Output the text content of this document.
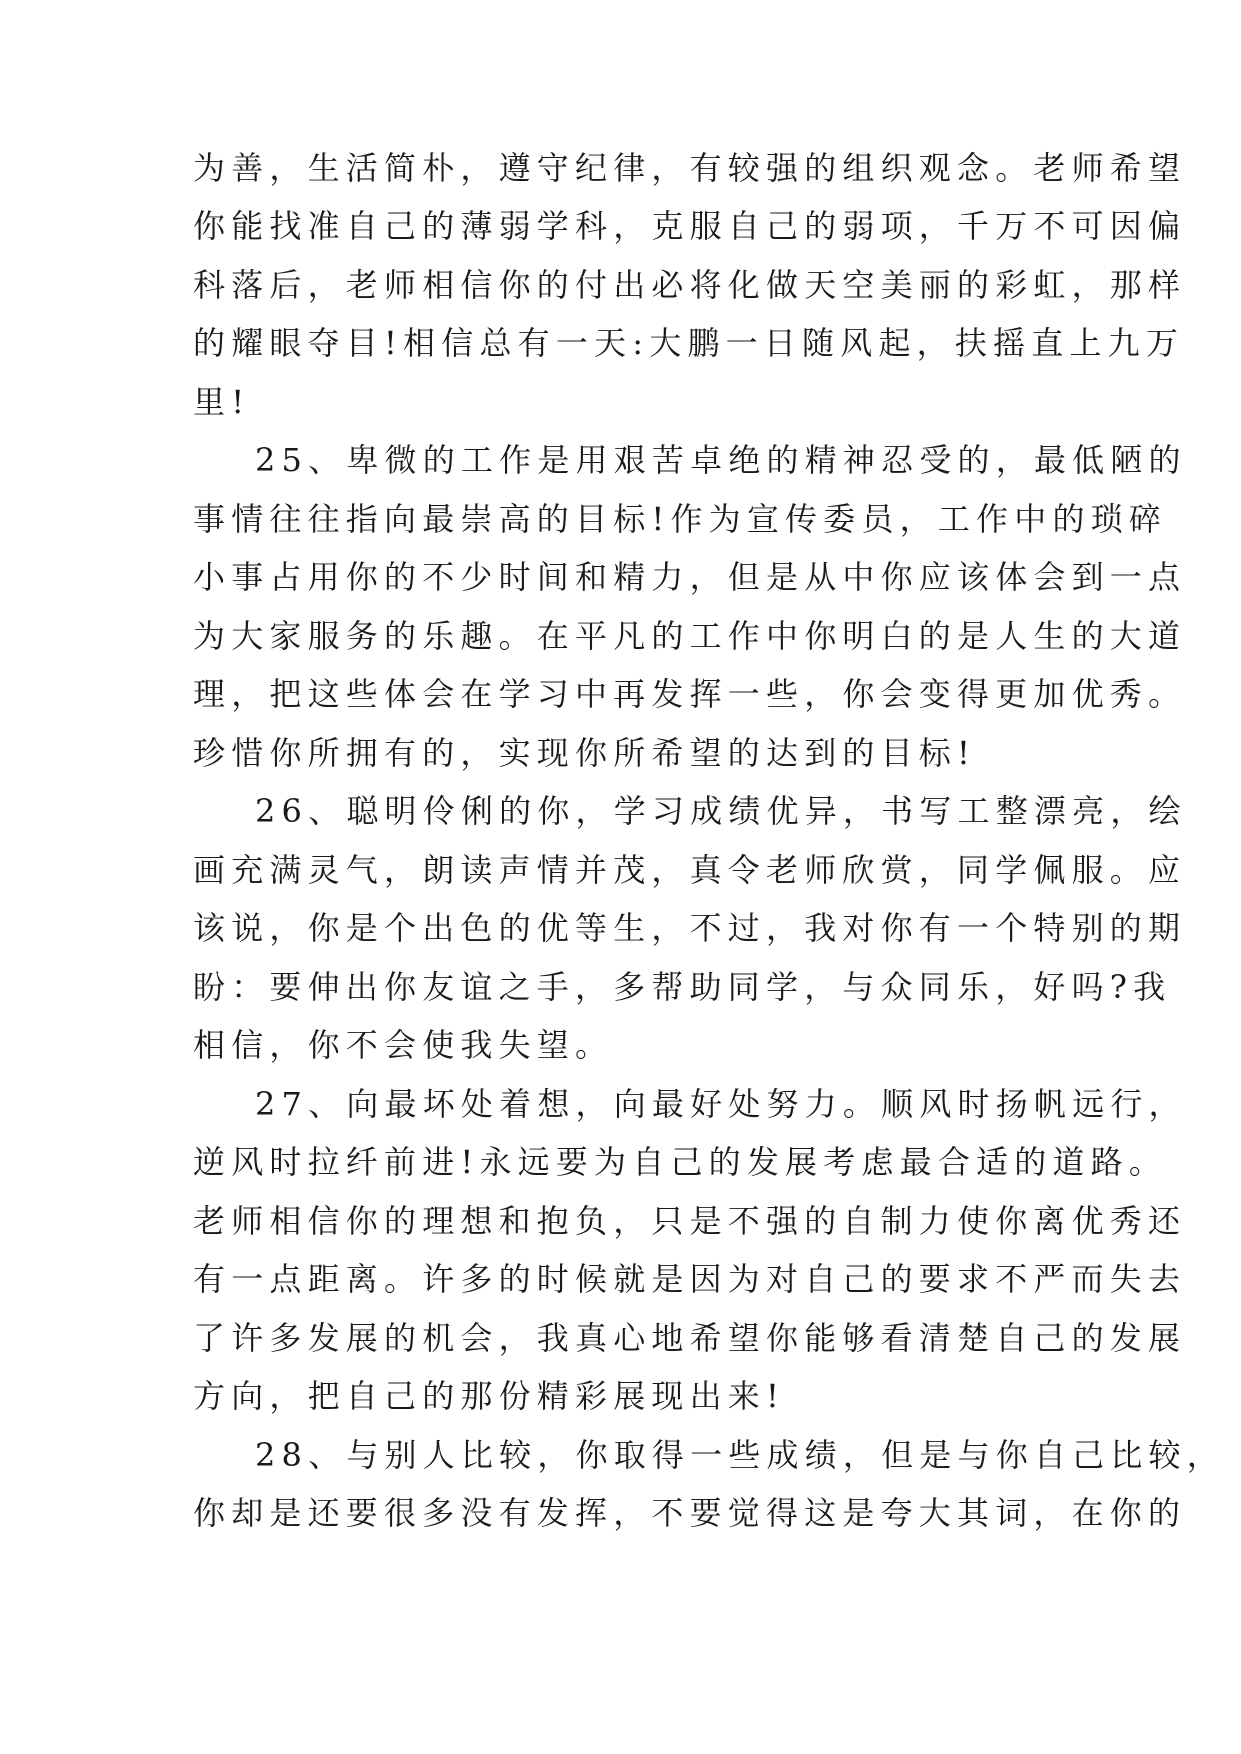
为善，生活简朴，遵守纪律，有较强的组织观念。老师希望
你能找准自己的薄弱学科，克服自己的弱项，千万不可因偏
科落后，老师相信你的付出必将化做天空美丽的彩虹，那样
的耀眼夺目!相信总有一天:大鹏一日随风起，扶摇直上九万
里!
25、卑微的工作是用艰苦卓绝的精神忍受的，最低陋的
事情往往指向最崇高的目标!作为宣传委员，工作中的琐碎
小事占用你的不少时间和精力，但是从中你应该体会到一点
为大家服务的乐趣。在平凡的工作中你明白的是人生的大道
理，把这些体会在学习中再发挥一些，你会变得更加优秀。
珍惜你所拥有的，实现你所希望的达到的目标!
26、聪明伶俐的你，学习成绩优异，书写工整漂亮，绘
画充满灵气，朗读声情并茂，真令老师欣赏，同学佩服。应
该说，你是个出色的优等生，不过，我对你有一个特别的期
盼：要伸出你友谊之手，多帮助同学，与众同乐，好吗?我
相信，你不会使我失望。
27、向最坏处着想，向最好处努力。顺风时扬帆远行，
逆风时拉纤前进!永远要为自己的发展考虑最合适的道路。
老师相信你的理想和抱负，只是不强的自制力使你离优秀还
有一点距离。许多的时候就是因为对自己的要求不严而失去
了许多发展的机会，我真心地希望你能够看清楚自己的发展
方向，把自己的那份精彩展现出来!
28、与别人比较，你取得一些成绩，但是与你自己比较，
你却是还要很多没有发挥，不要觉得这是夸大其词，在你的
